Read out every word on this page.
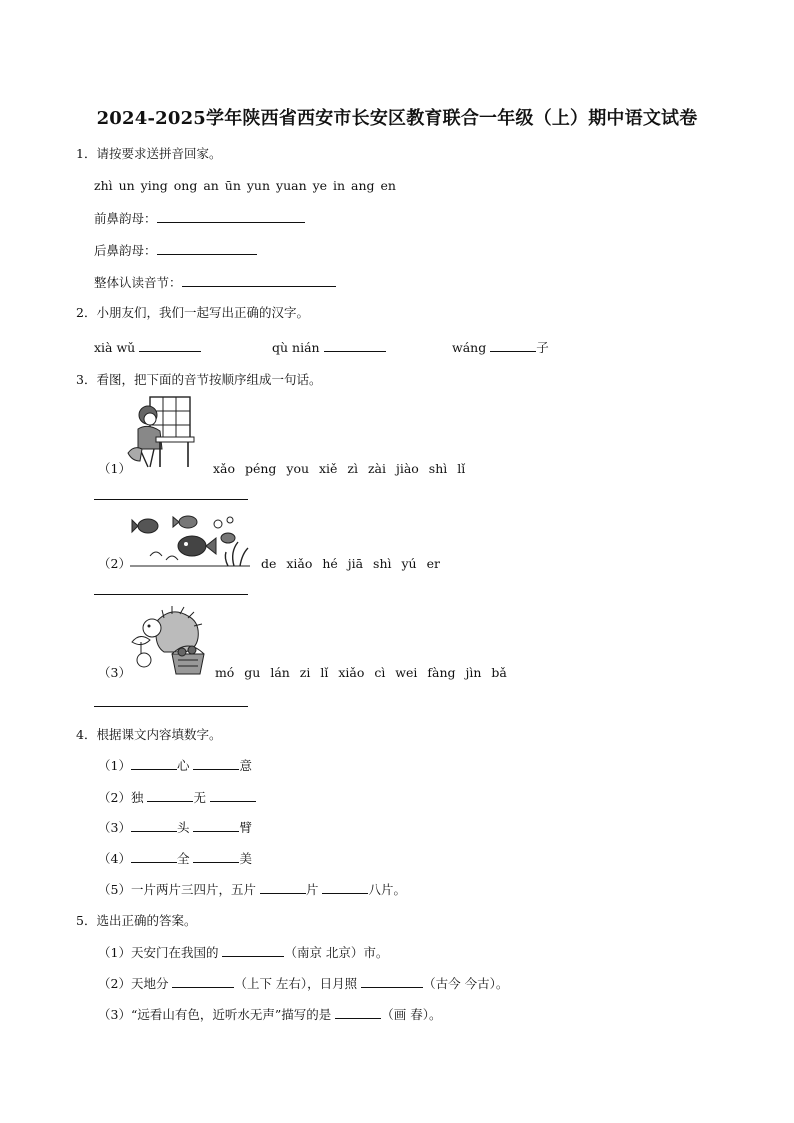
2024-2025学年陕西省西安市长安区教育联合一年级（上）期中语文试卷
1．请按要求送拼音回家。
zhì un ying ong an ūn yun yuan ye in ang en
前鼻韵母：
后鼻韵母：
整体认读音节：
2．小朋友们，我们一起写出正确的汉字。
xià wǔ	qù nián	wáng	子
3．看图，把下面的音节按顺序组成一句话。
（1）	xǎo péng you xiě zì zài jiào shì lǐ
（2）	de xiǎo hé jiā shì yú er
（3）	mó gu lán zi lǐ xiǎo cì wei fàng jìn bǎ
4．根据课文内容填数字。
（1）	心	意
（2）独	无
（3）	头	臂
（4）	全	美
（5）一片两片三四片，五片	片	八片。
5．选出正确的答案。
（1）天安门在我国的	（南京 北京）市。
（2）天地分	（上下 左右），日月照	（古今 今古）。
（3）“远看山有色，近听水无声”描写的是	（画 春）。
